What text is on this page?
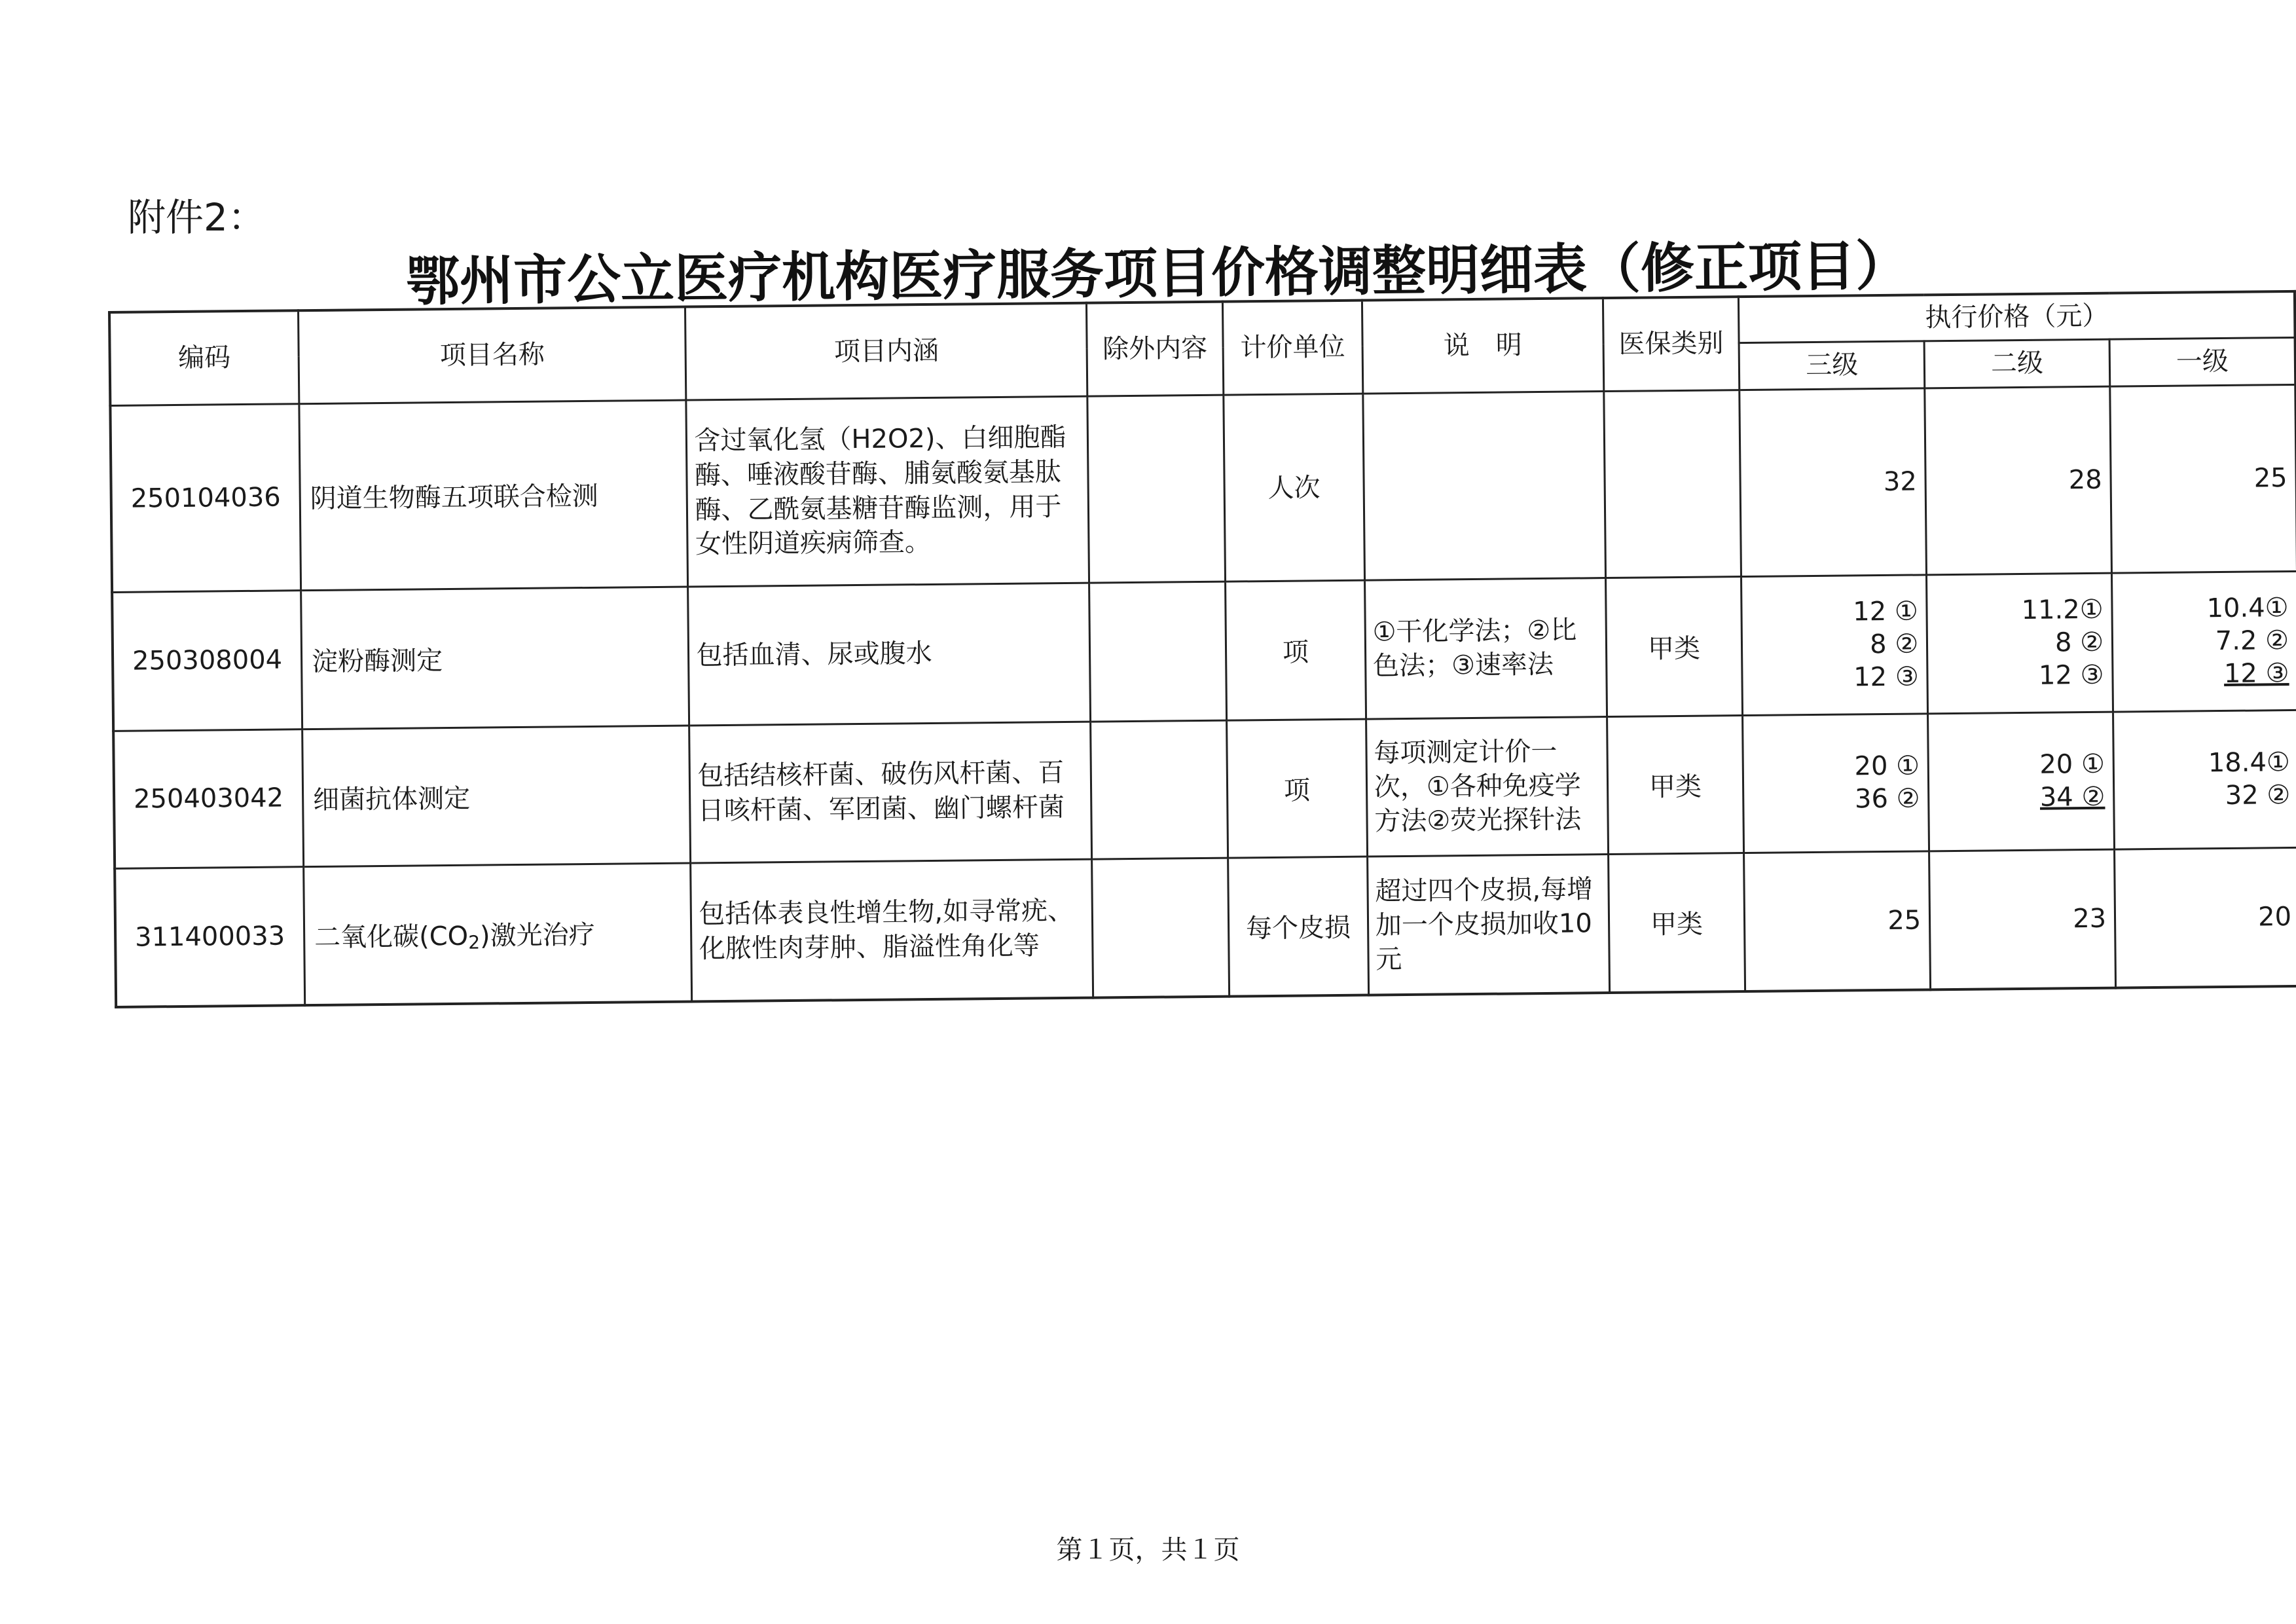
附件2：
鄂州市公立医疗机构医疗服务项目价格调整明细表（修正项目）
编码	项目名称	项目内涵	除外内容	计价单位	说　明	医保类别	执行价格（元）		
							三级	二级	一级
250104036	阴道生物酶五项联合检测	含过氧化氢（H2O2)、白细胞酯酶、唾液酸苷酶、脯氨酸氨基肽酶、乙酰氨基糖苷酶监测，用于女性阴道疾病筛查。		人次			32	28	25

250308004	淀粉酶测定	包括血清、尿或腹水		项	①干化学法；②比色法；③速率法	甲类	12 ①
8 ②
12 ③	11.2①
8 ②
12 ③	10.4①
7.2 ②
12 ③

250403042	细菌抗体测定	包括结核杆菌、破伤风杆菌、百日咳杆菌、军团菌、幽门螺杆菌		项	每项测定计价一次，①各种免疫学方法②荧光探针法	甲类	20 ①
36 ②	20 ①
34 ②	18.4①
32 ②

311400033	二氧化碳$(CO_2)$激光治疗	包括体表良性增生物,如寻常疣、化脓性肉芽肿、脂溢性角化等		每个皮损	超过四个皮损,每增加一个皮损加收10元	甲类	25	23	20
第１页，共１页
